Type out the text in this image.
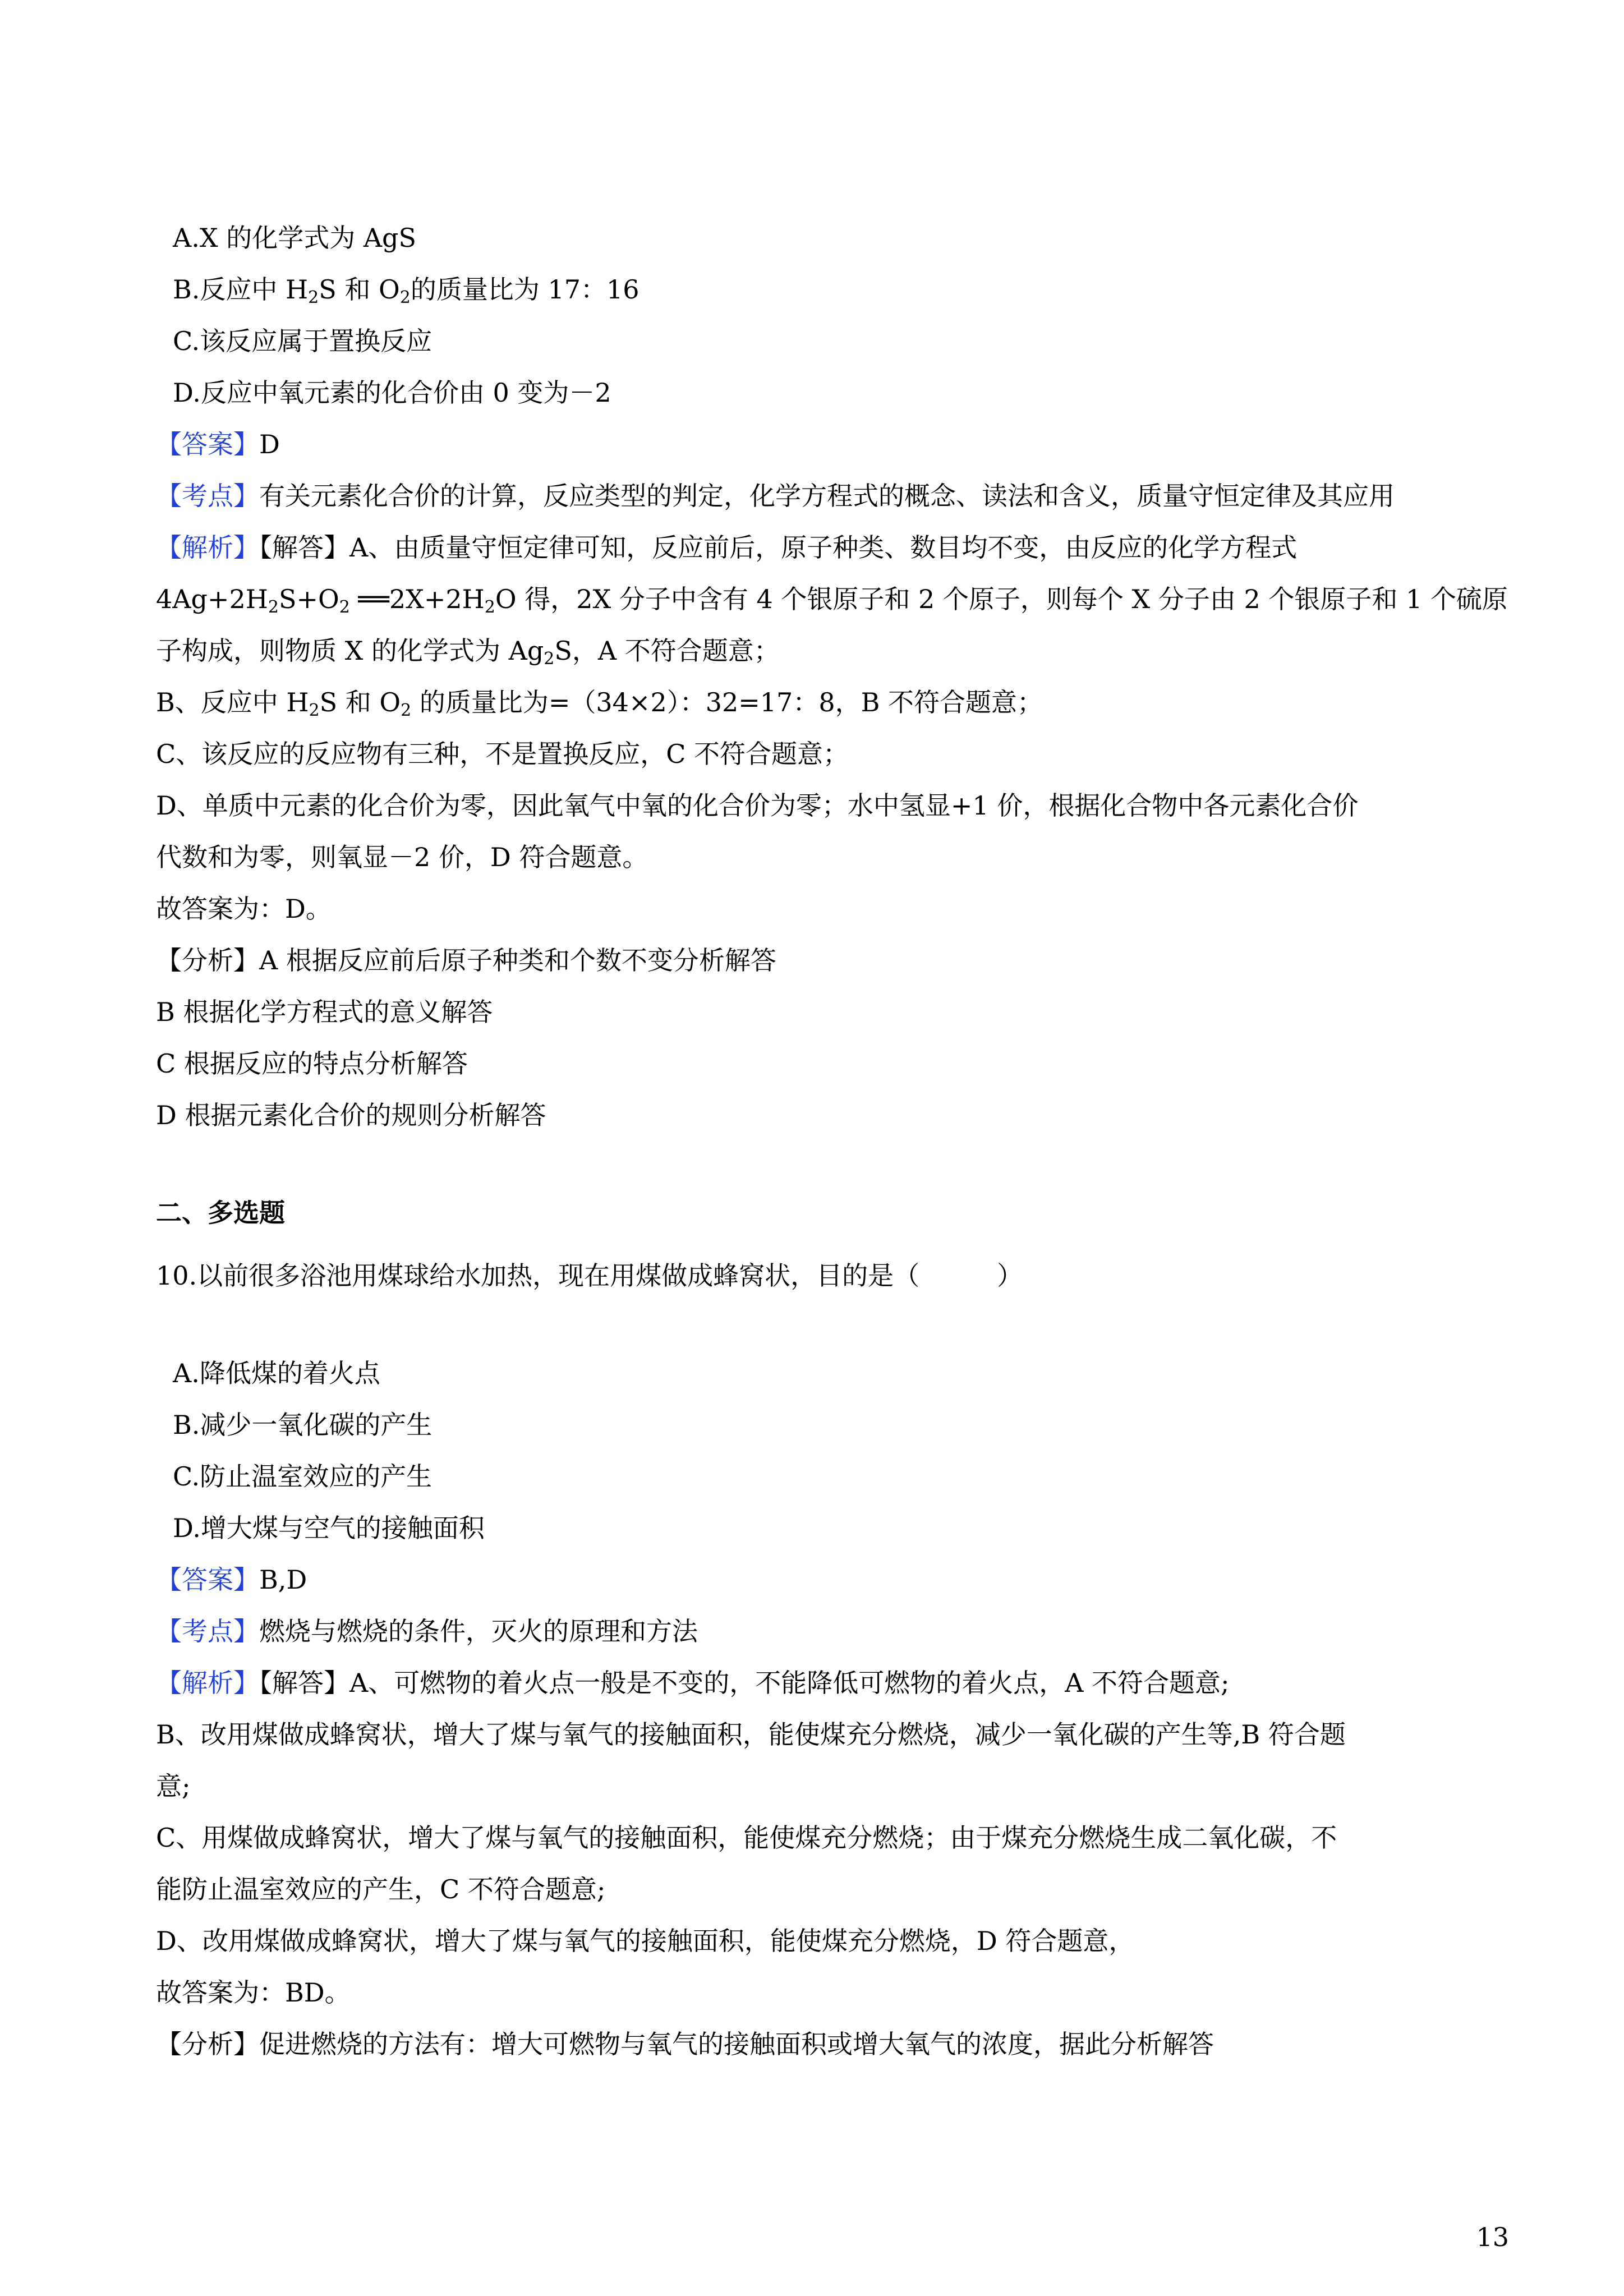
A.X 的化学式为 AgS
B.反应中 $H_2S$ 和 $O_2$的质量比为 17：16
C.该反应属于置换反应
D.反应中氧元素的化合价由 0 变为－2
【答案】D
【考点】有关元素化合价的计算，反应类型的判定，化学方程式的概念、读法和含义，质量守恒定律及其应用
【解析】【解答】A、由质量守恒定律可知，反应前后，原子种类、数目均不变，由反应的化学方程式
$4Ag+2H_2S+O_2$ $══2X+2H_2O$ 得，2X 分子中含有 4 个银原子和 2 个原子，则每个 X 分子由 2 个银原子和 1 个硫原
子构成，则物质 X 的化学式为 $Ag_2S$，A 不符合题意；
B、反应中 $H_2S$ 和 $O_2$ 的质量比为=（34×2）：32=17：8，B 不符合题意；
C、该反应的反应物有三种，不是置换反应，C 不符合题意；
D、单质中元素的化合价为零，因此氧气中氧的化合价为零；水中氢显+1 价，根据化合物中各元素化合价
代数和为零，则氧显－2 价，D 符合题意。
故答案为：D。
【分析】A 根据反应前后原子种类和个数不变分析解答
B 根据化学方程式的意义解答
C 根据反应的特点分析解答
D 根据元素化合价的规则分析解答
二、多选题
10.以前很多浴池用煤球给水加热，现在用煤做成蜂窝状，目的是（　　　）
A.降低煤的着火点
B.减少一氧化碳的产生
C.防止温室效应的产生
D.增大煤与空气的接触面积
【答案】B,D
【考点】燃烧与燃烧的条件，灭火的原理和方法
【解析】【解答】A、可燃物的着火点一般是不变的，不能降低可燃物的着火点，A 不符合题意;
B、改用煤做成蜂窝状，增大了煤与氧气的接触面积，能使煤充分燃烧，减少一氧化碳的产生等,B 符合题
意;
C、用煤做成蜂窝状，增大了煤与氧气的接触面积，能使煤充分燃烧；由于煤充分燃烧生成二氧化碳，不
能防止温室效应的产生，C 不符合题意;
D、改用煤做成蜂窝状，增大了煤与氧气的接触面积，能使煤充分燃烧，D 符合题意，
故答案为：BD。
【分析】促进燃烧的方法有：增大可燃物与氧气的接触面积或增大氧气的浓度，据此分析解答
13
